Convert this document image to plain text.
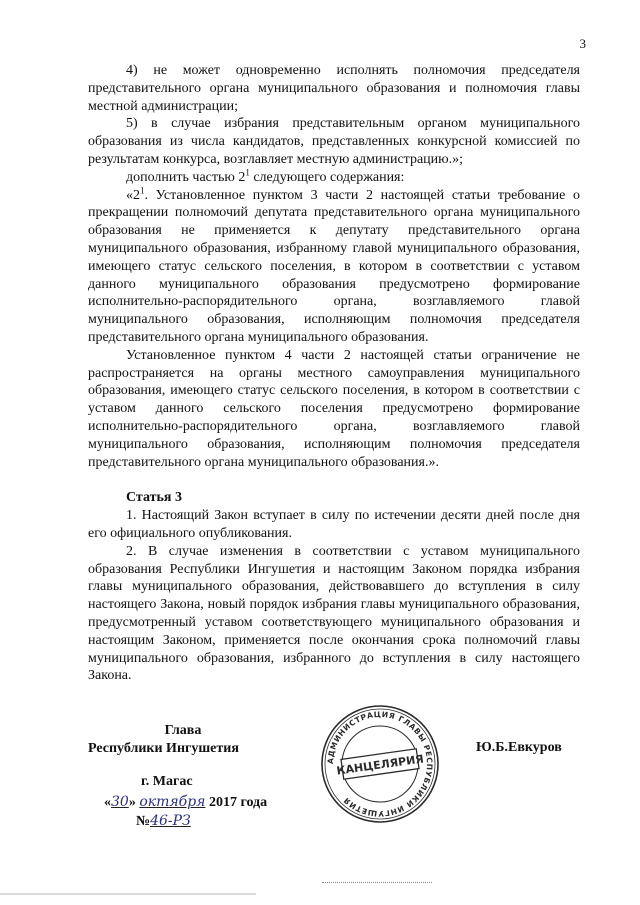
3

4) не может одновременно исполнять полномочия председателя представительного органа муниципального образования и полномочия главы местной администрации;

5) в случае избрания представительным органом муниципального образования из числа кандидатов, представленных конкурсной комиссией по результатам конкурса, возглавляет местную администрацию.»;

дополнить частью $2^1$ следующего содержания:

«$2^1$. Установленное пунктом 3 части 2 настоящей статьи требование о прекращении полномочий депутата представительного органа муниципального образования не применяется к депутату представительного органа муниципального образования, избранному главой муниципального образования, имеющего статус сельского поселения, в котором в соответствии с уставом данного муниципального образования предусмотрено формирование исполнительно-распорядительного органа, возглавляемого главой муниципального образования, исполняющим полномочия председателя представительного органа муниципального образования.

Установленное пунктом 4 части 2 настоящей статьи ограничение не распространяется на органы местного самоуправления муниципального образования, имеющего статус сельского поселения, в котором в соответствии с уставом данного сельского поселения предусмотрено формирование исполнительно-распорядительного органа, возглавляемого главой муниципального образования, исполняющим полномочия председателя представительного органа муниципального образования.».

Статья 3

1. Настоящий Закон вступает в силу по истечении десяти дней после дня его официального опубликования.

2. В случае изменения в соответствии с уставом муниципального образования Республики Ингушетия и настоящим Законом порядка избрания главы муниципального образования, действовавшего до вступления в силу настоящего Закона, новый порядок избрания главы муниципального образования, предусмотренный уставом соответствующего муниципального образования и настоящим Законом, применяется после окончания срока полномочий главы муниципального образования, избранного до вступления в силу настоящего Закона.

Глава
Республики Ингушетия
г. Магас
«30» октября 2017 года
№46-РЗ
Ю.Б.Евкуров
АДМИНИСТРАЦИЯ ГЛАВЫ РЕСПУБЛИКИ ИНГУШЕТИЯ
КАНЦЕЛЯРИЯ
